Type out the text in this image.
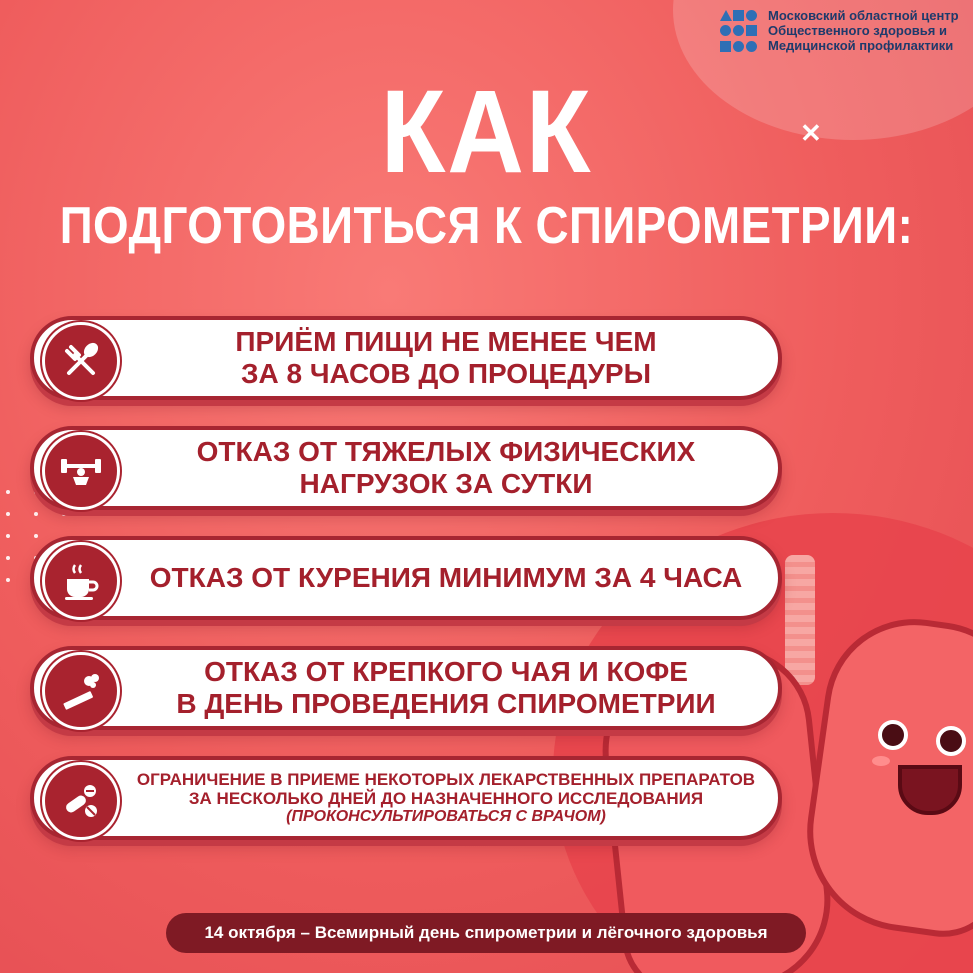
Московский областной центр
Общественного здоровья и
Медицинской профилактики
✕
КАК
ПОДГОТОВИТЬСЯ К СПИРОМЕТРИИ:
ПРИЁМ ПИЩИ НЕ МЕНЕЕ ЧЕМ
ЗА 8 ЧАСОВ ДО ПРОЦЕДУРЫ
ОТКАЗ ОТ ТЯЖЕЛЫХ ФИЗИЧЕСКИХ
НАГРУЗОК ЗА СУТКИ
ОТКАЗ ОТ КУРЕНИЯ МИНИМУМ ЗА 4 ЧАСА
ОТКАЗ ОТ КРЕПКОГО ЧАЯ И КОФЕ
В ДЕНЬ ПРОВЕДЕНИЯ СПИРОМЕТРИИ
ОГРАНИЧЕНИЕ В ПРИЕМЕ НЕКОТОРЫХ ЛЕКАРСТВЕННЫХ ПРЕПАРАТОВ
ЗА НЕСКОЛЬКО ДНЕЙ ДО НАЗНАЧЕННОГО ИССЛЕДОВАНИЯ
(ПРОКОНСУЛЬТИРОВАТЬСЯ С ВРАЧОМ)
14 октября – Всемирный день спирометрии и лёгочного здоровья
